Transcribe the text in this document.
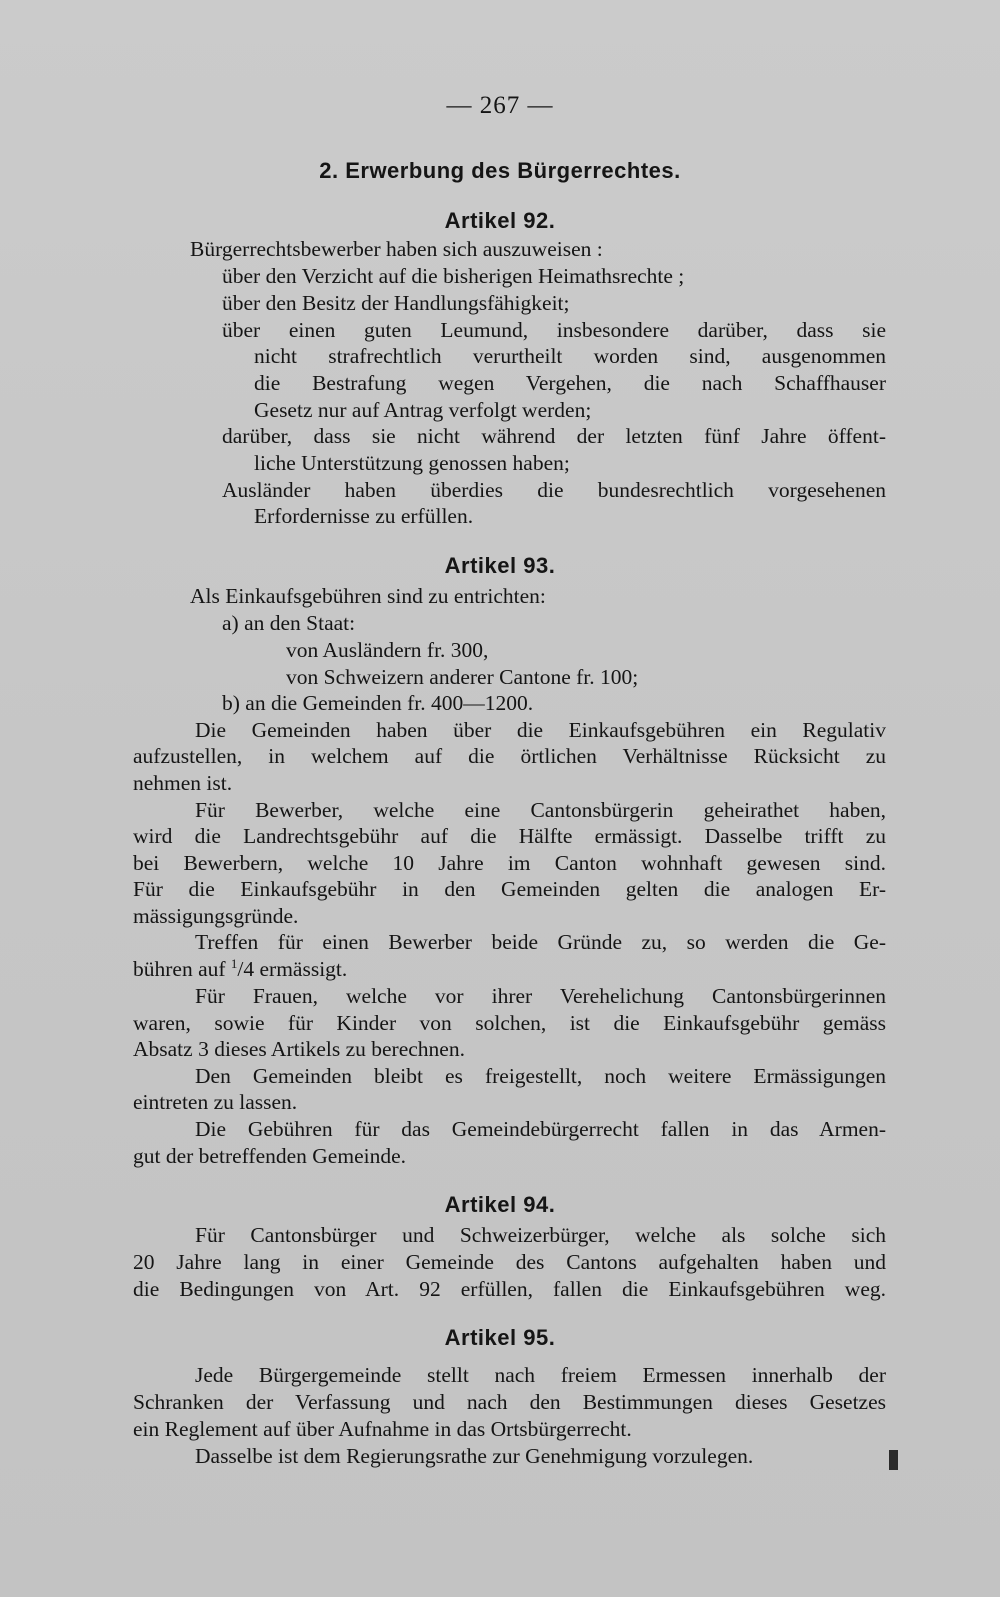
— 267 —
2. Erwerbung des Bürgerrechtes.
Artikel 92.
Bürgerrechtsbewerber haben sich auszuweisen :
über den Verzicht auf die bisherigen Heimathsrechte ;
über den Besitz der Handlungsfähigkeit;
über einen guten Leumund, insbesondere darüber, dass sie
nicht strafrechtlich verurtheilt worden sind, ausgenommen
die Bestrafung wegen Vergehen, die nach Schaffhauser
Gesetz nur auf Antrag verfolgt werden;
darüber, dass sie nicht während der letzten fünf Jahre öffent-
liche Unterstützung genossen haben;
Ausländer haben überdies die bundesrechtlich vorgesehenen
Erfordernisse zu erfüllen.
Artikel 93.
Als Einkaufsgebühren sind zu entrichten:
a) an den Staat:
von Ausländern fr. 300,
von Schweizern anderer Cantone fr. 100;
b) an die Gemeinden fr. 400—1200.
Die Gemeinden haben über die Einkaufsgebühren ein Regulativ
aufzustellen, in welchem auf die örtlichen Verhältnisse Rücksicht zu
nehmen ist.
Für Bewerber, welche eine Cantonsbürgerin geheirathet haben,
wird die Landrechtsgebühr auf die Hälfte ermässigt. Dasselbe trifft zu
bei Bewerbern, welche 10 Jahre im Canton wohnhaft gewesen sind.
Für die Einkaufsgebühr in den Gemeinden gelten die analogen Er-
mässigungsgründe.
Treffen für einen Bewerber beide Gründe zu, so werden die Ge-
bühren auf $^1$/4 ermässigt.
Für Frauen, welche vor ihrer Verehelichung Cantonsbürgerinnen
waren, sowie für Kinder von solchen, ist die Einkaufsgebühr gemäss
Absatz 3 dieses Artikels zu berechnen.
Den Gemeinden bleibt es freigestellt, noch weitere Ermässigungen
eintreten zu lassen.
Die Gebühren für das Gemeindebürgerrecht fallen in das Armen-
gut der betreffenden Gemeinde.
Artikel 94.
Für Cantonsbürger und Schweizerbürger, welche als solche sich
20 Jahre lang in einer Gemeinde des Cantons aufgehalten haben und
die Bedingungen von Art. 92 erfüllen, fallen die Einkaufsgebühren weg.
Artikel 95.
Jede Bürgergemeinde stellt nach freiem Ermessen innerhalb der
Schranken der Verfassung und nach den Bestimmungen dieses Gesetzes
ein Reglement auf über Aufnahme in das Ortsbürgerrecht.
Dasselbe ist dem Regierungsrathe zur Genehmigung vorzulegen.
